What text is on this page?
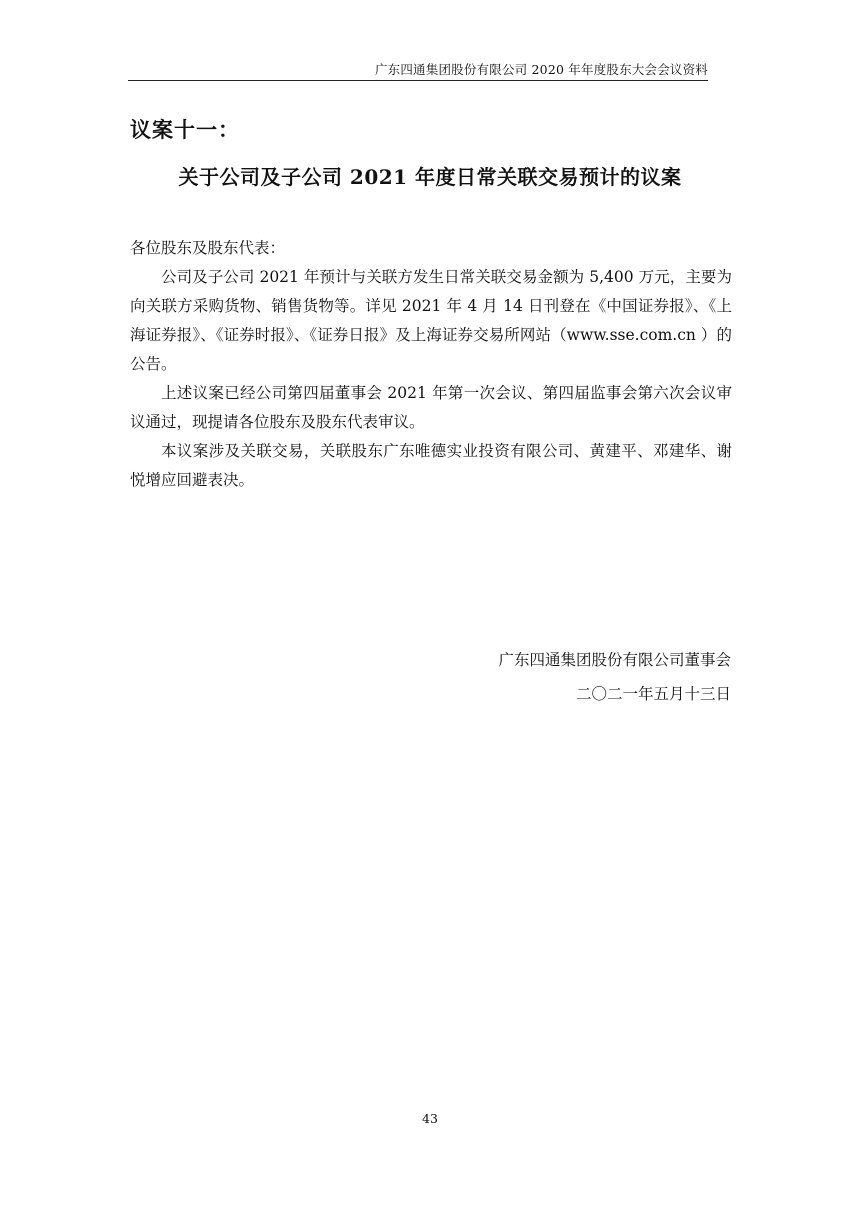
广东四通集团股份有限公司 2020 年年度股东大会会议资料
议案十一：
关于公司及子公司 2021 年度日常关联交易预计的议案

各位股东及股东代表：

公司及子公司 2021 年预计与关联方发生日常关联交易金额为 5,400 万元，主要为向关联方采购货物、销售货物等。详见 2021 年 4 月 14 日刊登在《中国证券报》、《上海证券报》、《证券时报》、《证券日报》及上海证券交易所网站（www.sse.com.cn ）的公告。

上述议案已经公司第四届董事会 2021 年第一次会议、第四届监事会第六次会议审议通过，现提请各位股东及股东代表审议。

本议案涉及关联交易，关联股东广东唯德实业投资有限公司、黄建平、邓建华、谢悦增应回避表决。

广东四通集团股份有限公司董事会
二〇二一年五月十三日
43
